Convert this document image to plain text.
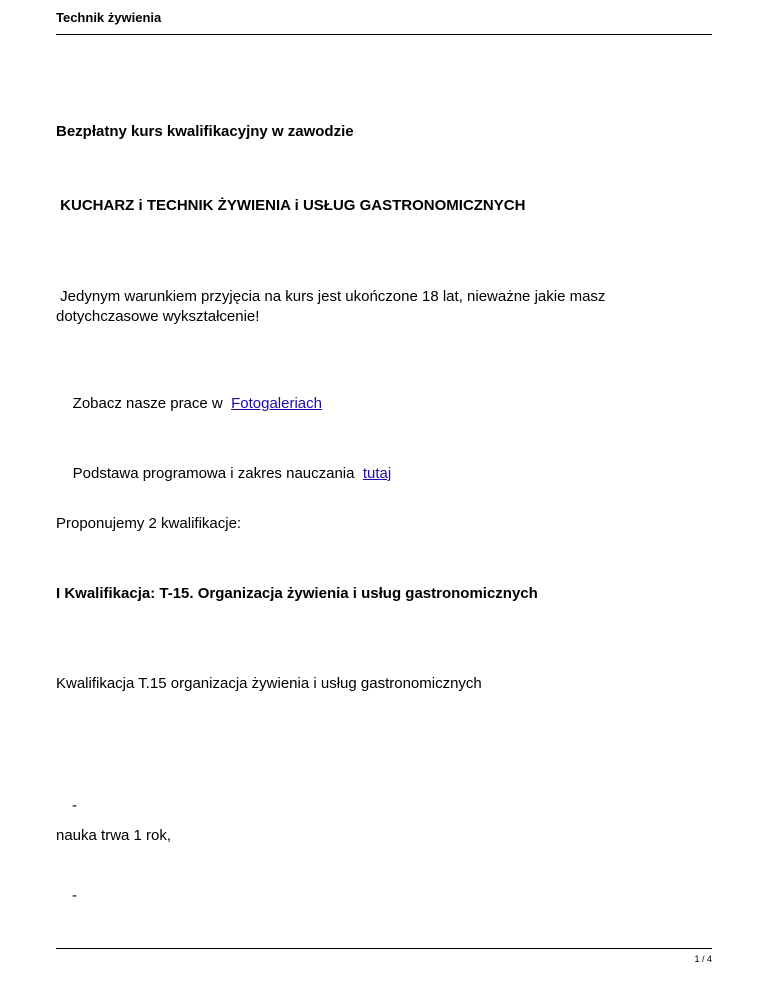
Technik żywienia
Bezpłatny kurs kwalifikacyjny w zawodzie
KUCHARZ i TECHNIK ŻYWIENIA i USŁUG GASTRONOMICZNYCH
Jedynym warunkiem przyjęcia na kurs jest ukończone 18 lat, nieważne jakie masz dotychczasowe wykształcenie!

Zobacz nasze prace w  Fotogaleriach

Podstawa programowa i zakres nauczania  tutaj

Proponujemy 2 kwalifikacje:
I Kwalifikacja: T-15. Organizacja żywienia i usług gastronomicznych
Kwalifikacja T.15 organizacja żywienia i usług gastronomicznych
-
nauka trwa 1 rok,
-
1 / 4
